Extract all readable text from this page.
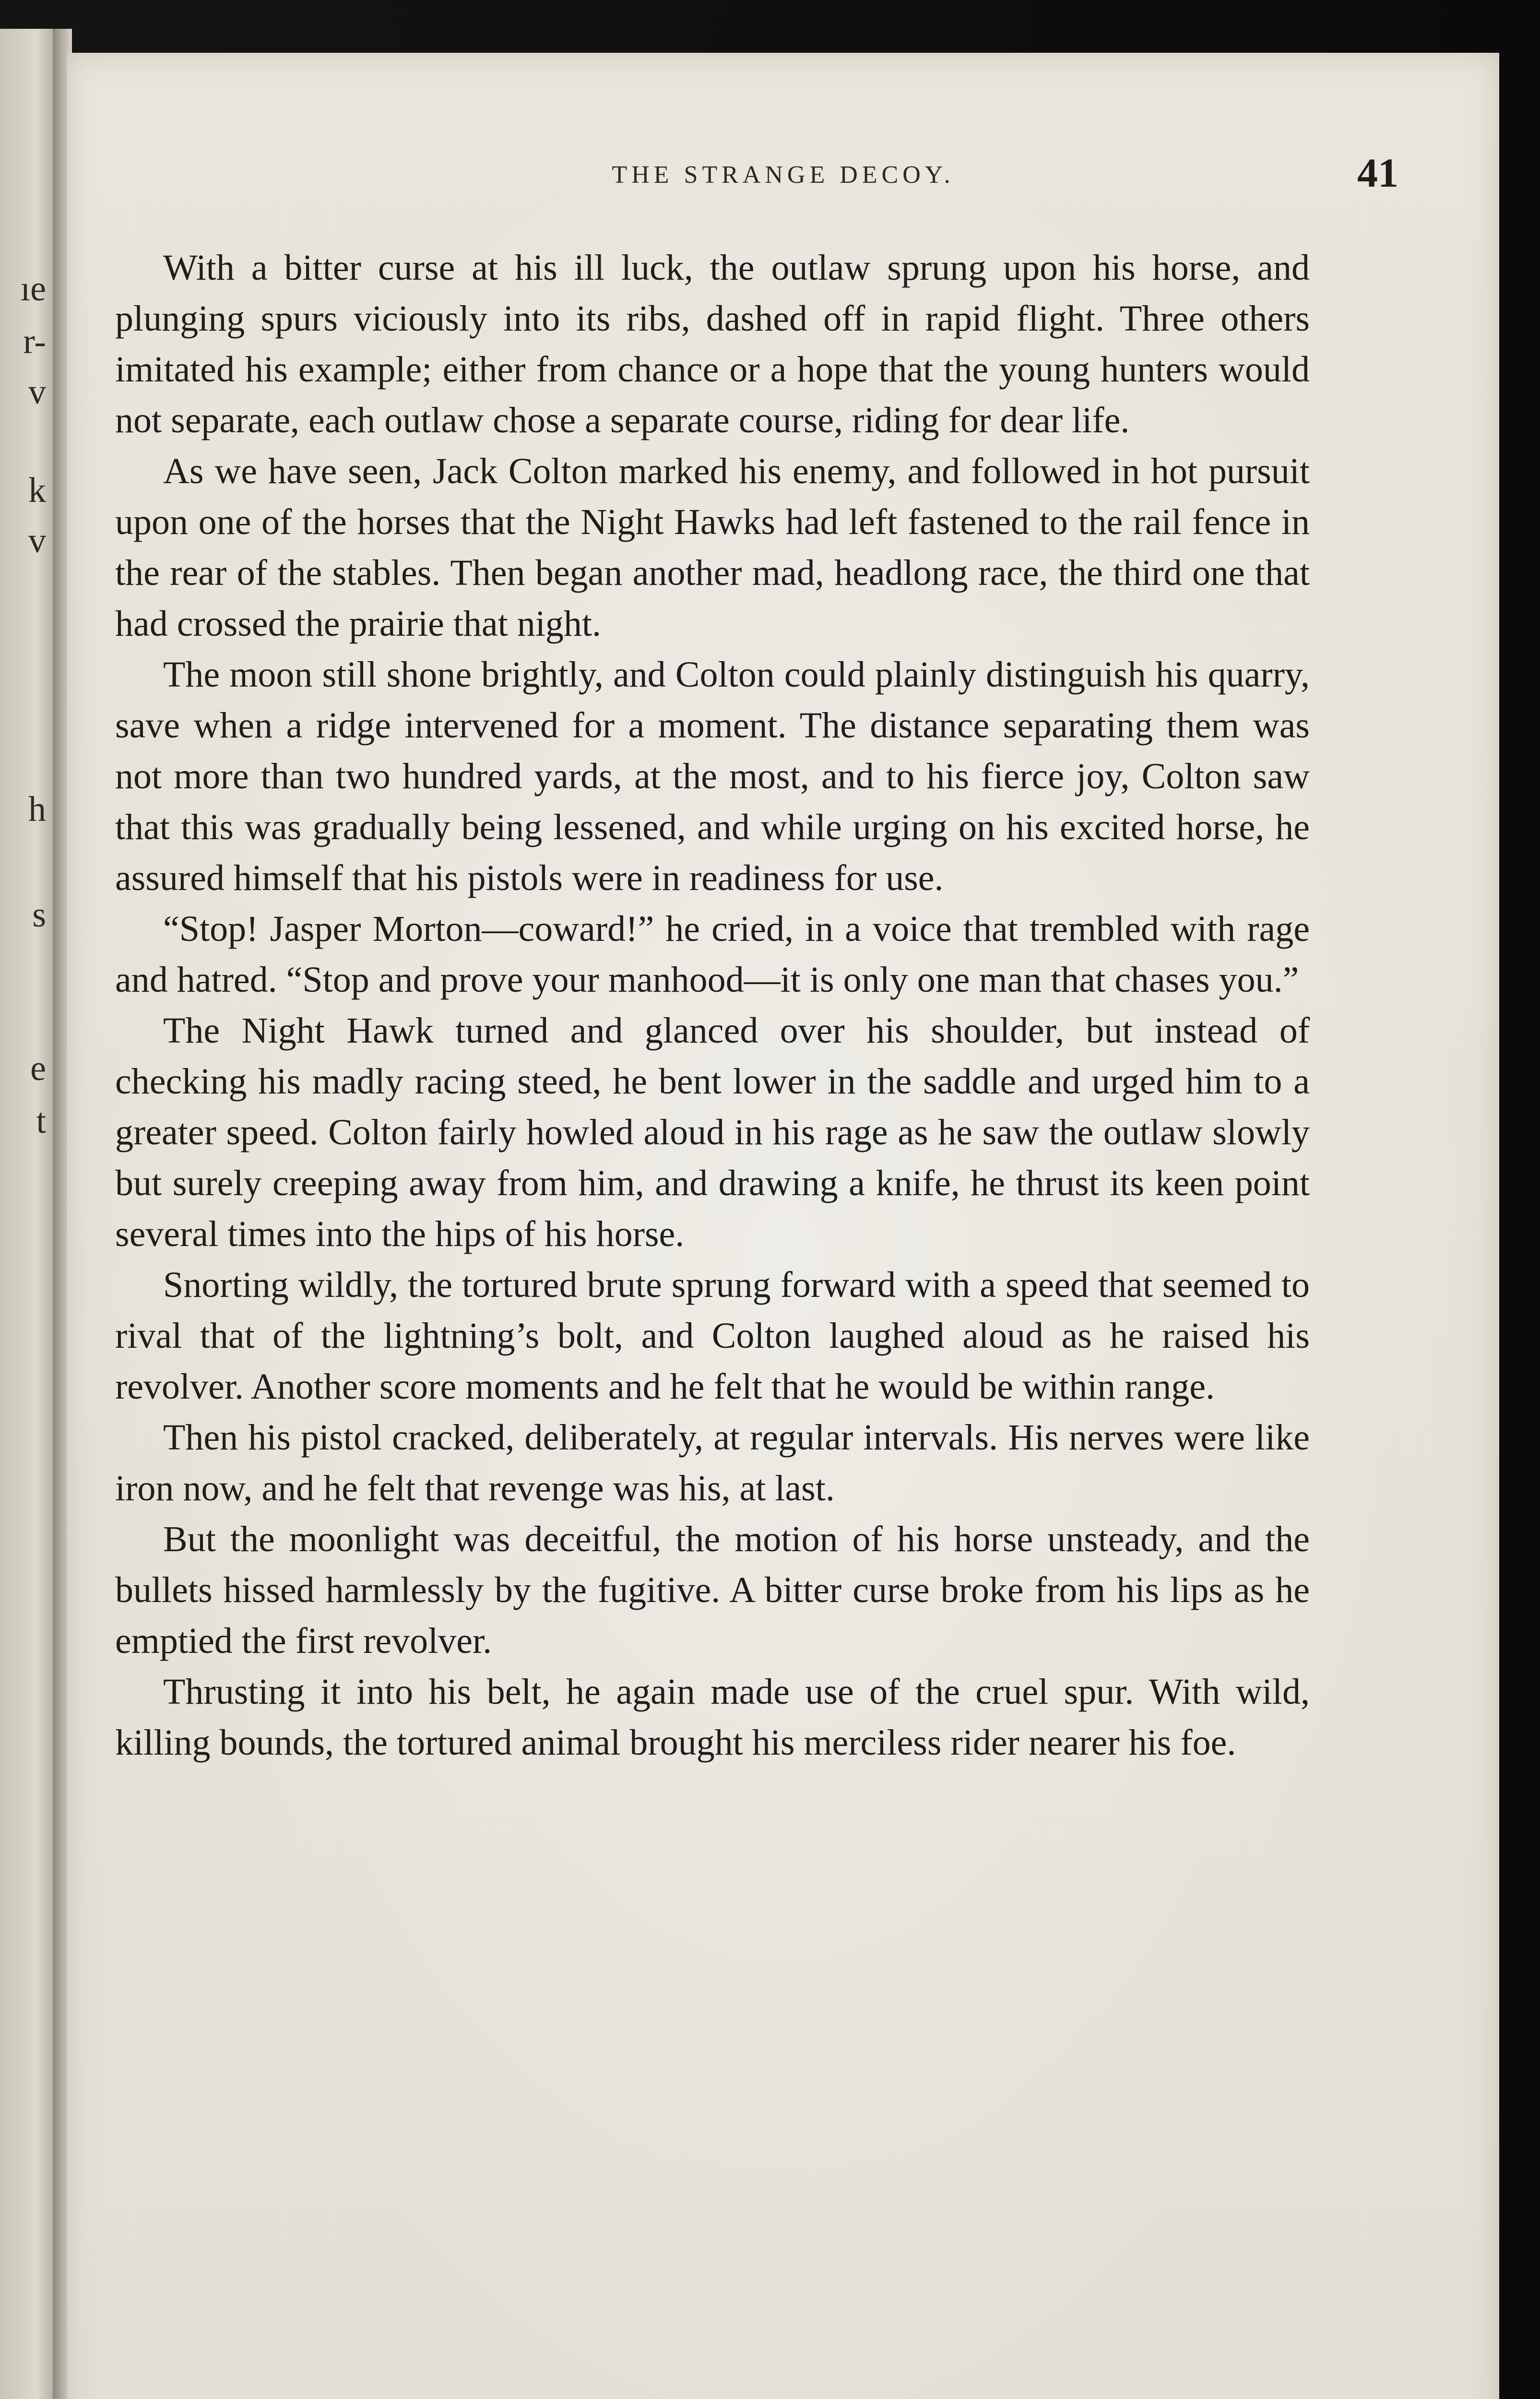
ıe
r-
v
k
v
h
s
e
t
THE STRANGE DECOY.	41

With a bitter curse at his ill luck, the outlaw sprung upon his horse, and plunging spurs viciously into its ribs, dashed off in rapid flight. Three others imitated his example; either from chance or a hope that the young hunters would not separate, each outlaw chose a separate course, riding for dear life.

As we have seen, Jack Colton marked his enemy, and followed in hot pursuit upon one of the horses that the Night Hawks had left fastened to the rail fence in the rear of the stables. Then began another mad, headlong race, the third one that had crossed the prairie that night.

The moon still shone brightly, and Colton could plainly distinguish his quarry, save when a ridge intervened for a moment. The distance separating them was not more than two hundred yards, at the most, and to his fierce joy, Colton saw that this was gradually being lessened, and while urging on his excited horse, he assured himself that his pistols were in readiness for use.

“Stop! Jasper Morton—coward!” he cried, in a voice that trembled with rage and hatred. “Stop and prove your manhood—it is only one man that chases you.”

The Night Hawk turned and glanced over his shoulder, but instead of checking his madly racing steed, he bent lower in the saddle and urged him to a greater speed. Colton fairly howled aloud in his rage as he saw the outlaw slowly but surely creeping away from him, and drawing a knife, he thrust its keen point several times into the hips of his horse.

Snorting wildly, the tortured brute sprung forward with a speed that seemed to rival that of the lightning’s bolt, and Colton laughed aloud as he raised his revolver. Another score moments and he felt that he would be within range.

Then his pistol cracked, deliberately, at regular intervals. His nerves were like iron now, and he felt that revenge was his, at last.

But the moonlight was deceitful, the motion of his horse unsteady, and the bullets hissed harmlessly by the fugitive. A bitter curse broke from his lips as he emptied the first revolver.

Thrusting it into his belt, he again made use of the cruel spur. With wild, killing bounds, the tortured animal brought his merciless rider nearer his foe.
